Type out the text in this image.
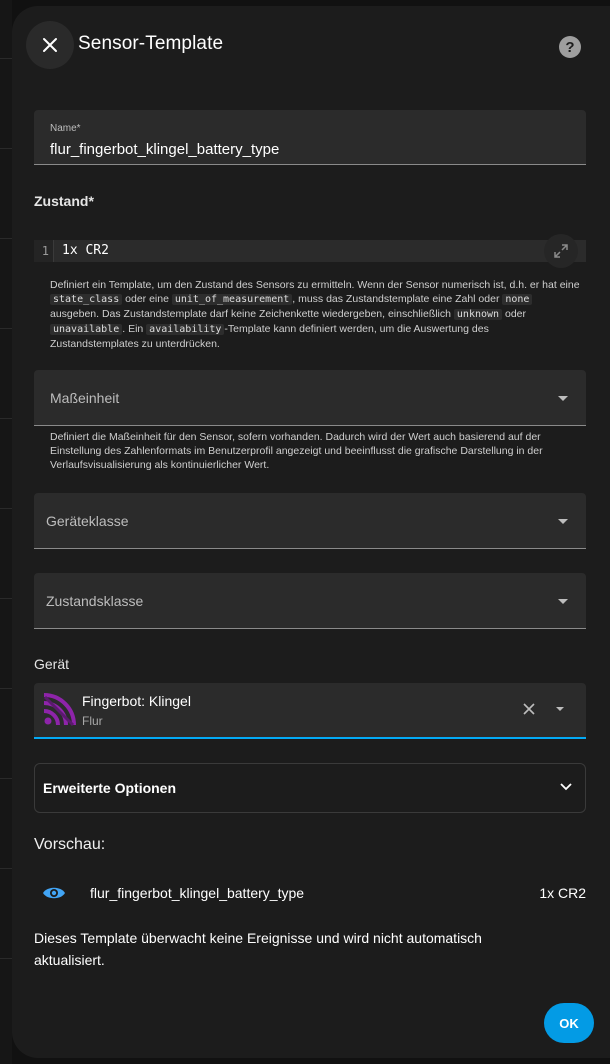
Sensor-Template	?
Name*
flur_fingerbot_klingel_battery_type
Zustand*
1	1x CR2
Definiert ein Template, um den Zustand des Sensors zu ermitteln. Wenn der Sensor numerisch ist, d.h. er hat eine state_class oder eine unit_of_measurement , muss das Zustandstemplate eine Zahl oder none ausgeben. Das Zustandstemplate darf keine Zeichenkette wiedergeben, einschließlich unknown oder unavailable . Ein availability -Template kann definiert werden, um die Auswertung des Zustandstemplates zu unterdrücken.
Maßeinheit
Definiert die Maßeinheit für den Sensor, sofern vorhanden. Dadurch wird der Wert auch basierend auf der Einstellung des Zahlenformats im Benutzerprofil angezeigt und beeinflusst die grafische Darstellung in der Verlaufsvisualisierung als kontinuierlicher Wert.
Geräteklasse
Zustandsklasse
Gerät
Fingerbot: Klingel
Flur
Erweiterte Optionen
Vorschau:
flur_fingerbot_klingel_battery_type	1x CR2
Dieses Template überwacht keine Ereignisse und wird nicht automatisch aktualisiert.
OK
